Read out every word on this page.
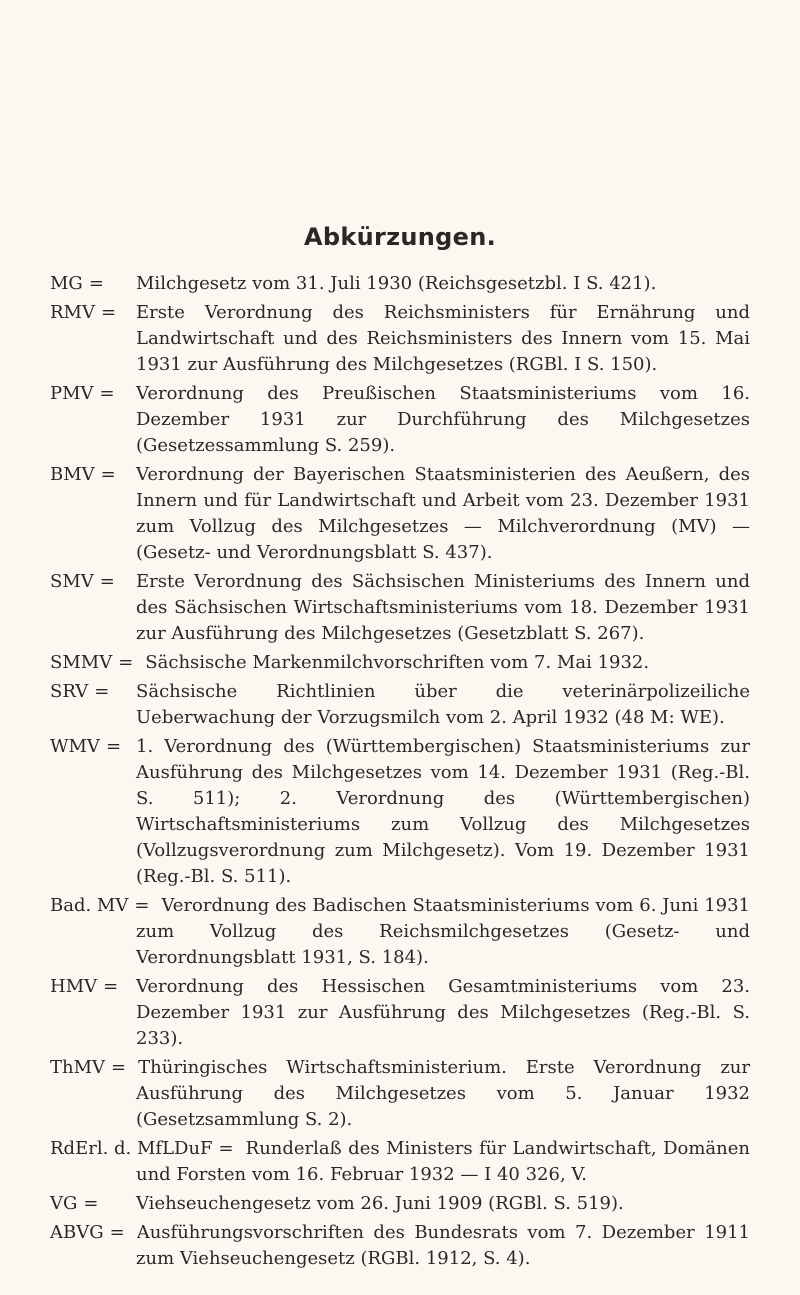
Abkürzungen.
MG =	Milchgesetz vom 31. Juli 1930 (Reichsgesetzbl. I S. 421).
RMV =	Erste Verordnung des Reichsministers für Ernährung und Landwirtschaft und des Reichsministers des Innern vom 15. Mai 1931 zur Ausführung des Milchgesetzes (RGBl. I S. 150).
PMV =	Verordnung des Preußischen Staatsministeriums vom 16. Dezember 1931 zur Durchführung des Milchgesetzes (Gesetzessammlung S. 259).
BMV =	Verordnung der Bayerischen Staatsministerien des Aeußern, des Innern und für Landwirtschaft und Arbeit vom 23. Dezember 1931 zum Vollzug des Milchgesetzes — Milchverordnung (MV) — (Gesetz- und Verordnungsblatt S. 437).
SMV =	Erste Verordnung des Sächsischen Ministeriums des Innern und des Sächsischen Wirtschaftsministeriums vom 18. Dezember 1931 zur Ausführung des Milchgesetzes (Gesetzblatt S. 267).
SMMV = Sächsische Markenmilchvorschriften vom 7. Mai 1932.
SRV =	Sächsische Richtlinien über die veterinärpolizeiliche Ueberwachung der Vorzugsmilch vom 2. April 1932 (48 M: WE).
WMV = 1. Verordnung des (Württembergischen) Staatsministeriums zur Ausführung des Milchgesetzes vom 14. Dezember 1931 (Reg.-Bl. S. 511); 2. Verordnung des (Württembergischen) Wirtschaftsministeriums zum Vollzug des Milchgesetzes (Vollzugsverordnung zum Milchgesetz). Vom 19. Dezember 1931 (Reg.-Bl. S. 511).
Bad. MV = Verordnung des Badischen Staatsministeriums vom 6. Juni 1931 zum Vollzug des Reichsmilchgesetzes (Gesetz- und Verordnungsblatt 1931, S. 184).
HMV = Verordnung des Hessischen Gesamtministeriums vom 23. Dezember 1931 zur Ausführung des Milchgesetzes (Reg.-Bl. S. 233).
ThMV = Thüringisches Wirtschaftsministerium. Erste Verordnung zur Ausführung des Milchgesetzes vom 5. Januar 1932 (Gesetzsammlung S. 2).
RdErl. d. MfLDuF = Runderlaß des Ministers für Landwirtschaft, Domänen und Forsten vom 16. Februar 1932 — I 40 326, V.
VG =	Viehseuchengesetz vom 26. Juni 1909 (RGBl. S. 519).
ABVG = Ausführungsvorschriften des Bundesrats vom 7. Dezember 1911 zum Viehseuchengesetz (RGBl. 1912, S. 4).
